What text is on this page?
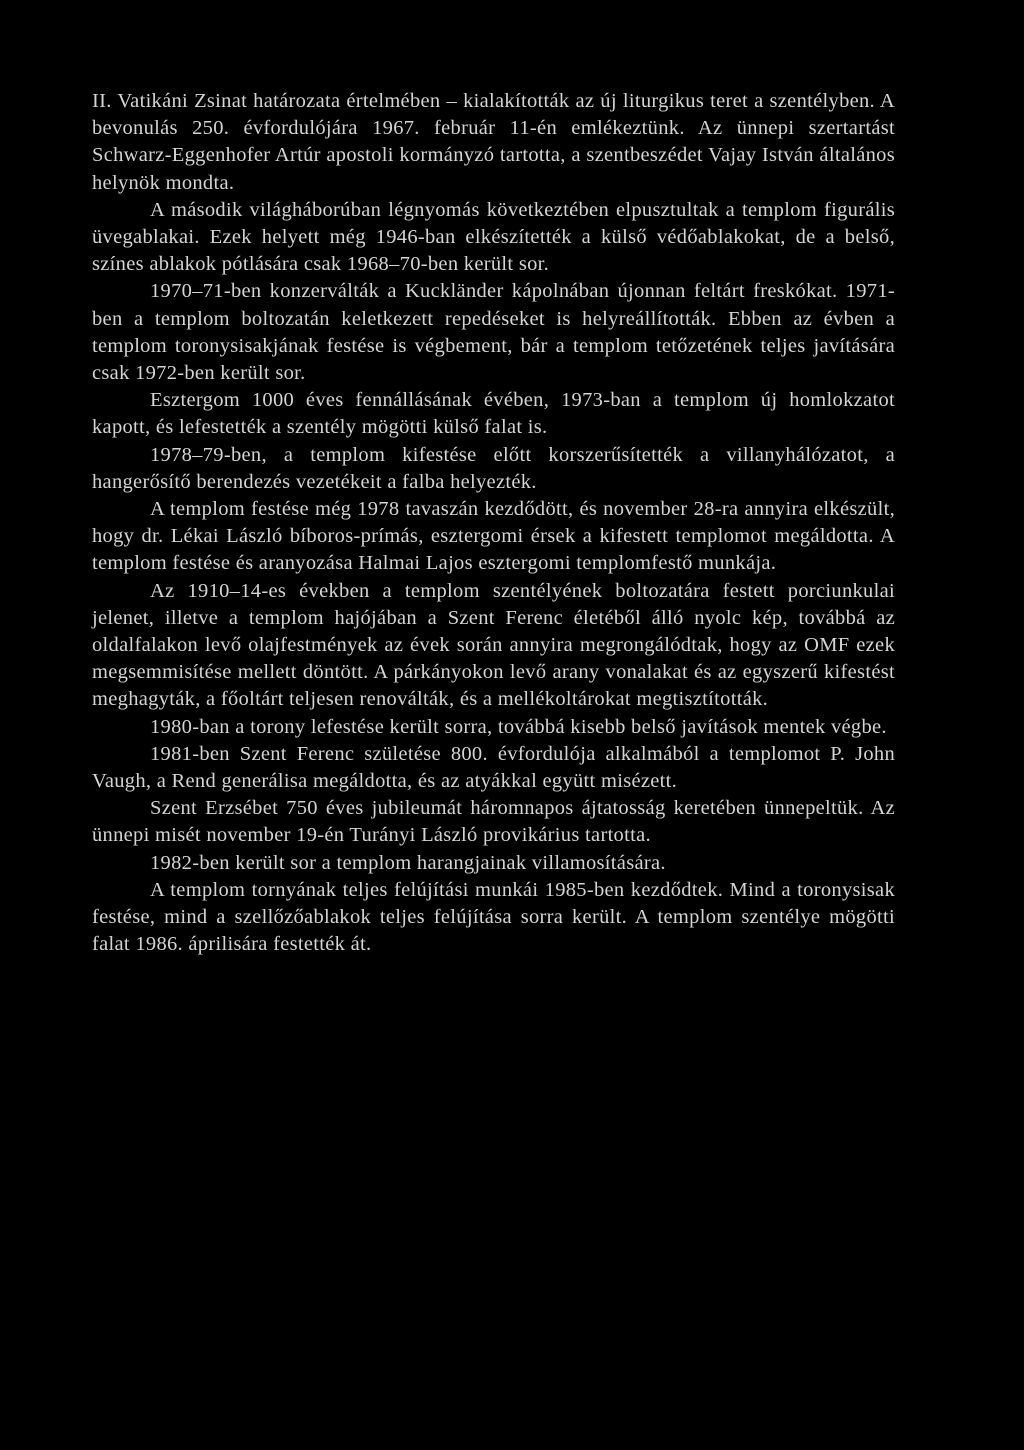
II. Vatikáni Zsinat határozata értelmében – kialakították az új liturgikus teret a szentélyben. A bevonulás 250. évfordulójára 1967. február 11-én emlékeztünk. Az ünnepi szertartást Schwarz-Eggenhofer Artúr apostoli kormányzó tartotta, a szentbeszédet Vajay István általános helynök mondta.

A második világháborúban légnyomás következtében elpusztultak a templom figurális üvegablakai. Ezek helyett még 1946-ban elkészítették a külső védőablakokat, de a belső, színes ablakok pótlására csak 1968–70-ben került sor.

1970–71-ben konzerválták a Kuckländer kápolnában újonnan feltárt freskókat. 1971-ben a templom boltozatán keletkezett repedéseket is helyreállították. Ebben az évben a templom toronysisakjának festése is végbement, bár a templom tetőzetének teljes javítására csak 1972-ben került sor.

Esztergom 1000 éves fennállásának évében, 1973-ban a templom új homlokzatot kapott, és lefestették a szentély mögötti külső falat is.

1978–79-ben, a templom kifestése előtt korszerűsítették a villanyhálózatot, a hangerősítő berendezés vezetékeit a falba helyezték.

A templom festése még 1978 tavaszán kezdődött, és november 28-ra annyira elkészült, hogy dr. Lékai László bíboros-prímás, esztergomi érsek a kifestett templomot megáldotta. A templom festése és aranyozása Halmai Lajos esztergomi templomfestő munkája.

Az 1910–14-es években a templom szentélyének boltozatára festett porciunkulai jelenet, illetve a templom hajójában a Szent Ferenc életéből álló nyolc kép, továbbá az oldalfalakon levő olajfestmények az évek során annyira megrongálódtak, hogy az OMF ezek megsemmisítése mellett döntött. A párkányokon levő arany vonalakat és az egyszerű kifestést meghagyták, a főoltárt teljesen renoválták, és a mellékoltárokat megtisztították.

1980-ban a torony lefestése került sorra, továbbá kisebb belső javítások mentek végbe.

1981-ben Szent Ferenc születése 800. évfordulója alkalmából a templomot P. John Vaugh, a Rend generálisa megáldotta, és az atyákkal együtt misézett.

Szent Erzsébet 750 éves jubileumát háromnapos ájtatosság keretében ünnepeltük. Az ünnepi misét november 19-én Turányi László provikárius tartotta.

1982-ben került sor a templom harangjainak villamosítására.

A templom tornyának teljes felújítási munkái 1985-ben kezdődtek. Mind a toronysisak festése, mind a szellőzőablakok teljes felújítása sorra került. A templom szentélye mögötti falat 1986. áprilisára festették át.
